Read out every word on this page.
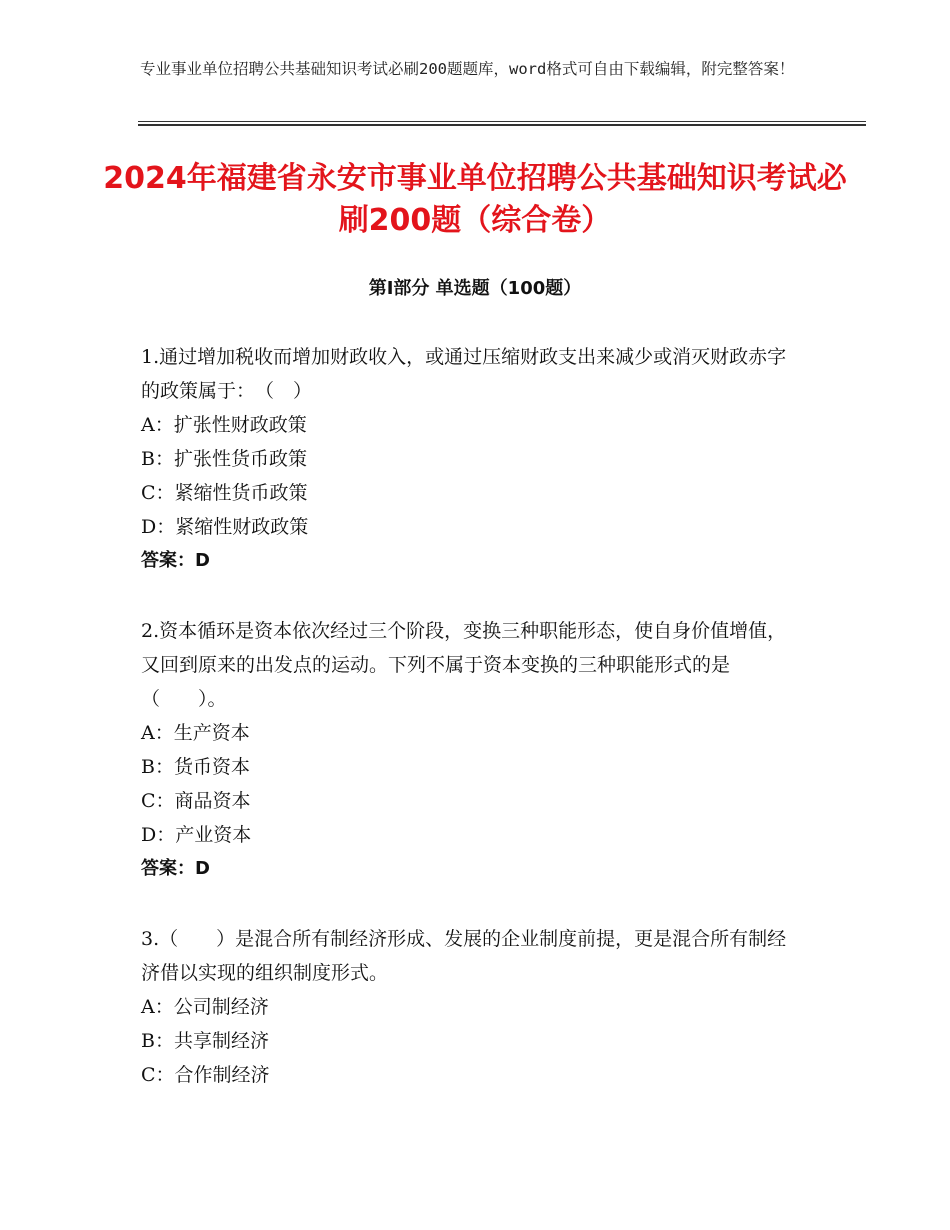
专业事业单位招聘公共基础知识考试必刷200题题库，word格式可自由下载编辑，附完整答案！
2024年福建省永安市事业单位招聘公共基础知识考试必刷200题（综合卷）
第Ⅰ部分 单选题（100题）

1.通过增加税收而增加财政收入，或通过压缩财政支出来减少或消灭财政赤字的政策属于：　（　）

A：扩张性财政政策

B：扩张性货币政策

C：紧缩性货币政策

D：紧缩性财政政策

答案：D

2.资本循环是资本依次经过三个阶段，变换三种职能形态，使自身价值增值，又回到原来的出发点的运动。下列不属于资本变换的三种职能形式的是（　　）。

A：生产资本

B：货币资本

C：商品资本

D：产业资本

答案：D

3.（　　）是混合所有制经济形成、发展的企业制度前提，更是混合所有制经济借以实现的组织制度形式。

A：公司制经济

B：共享制经济

C：合作制经济
